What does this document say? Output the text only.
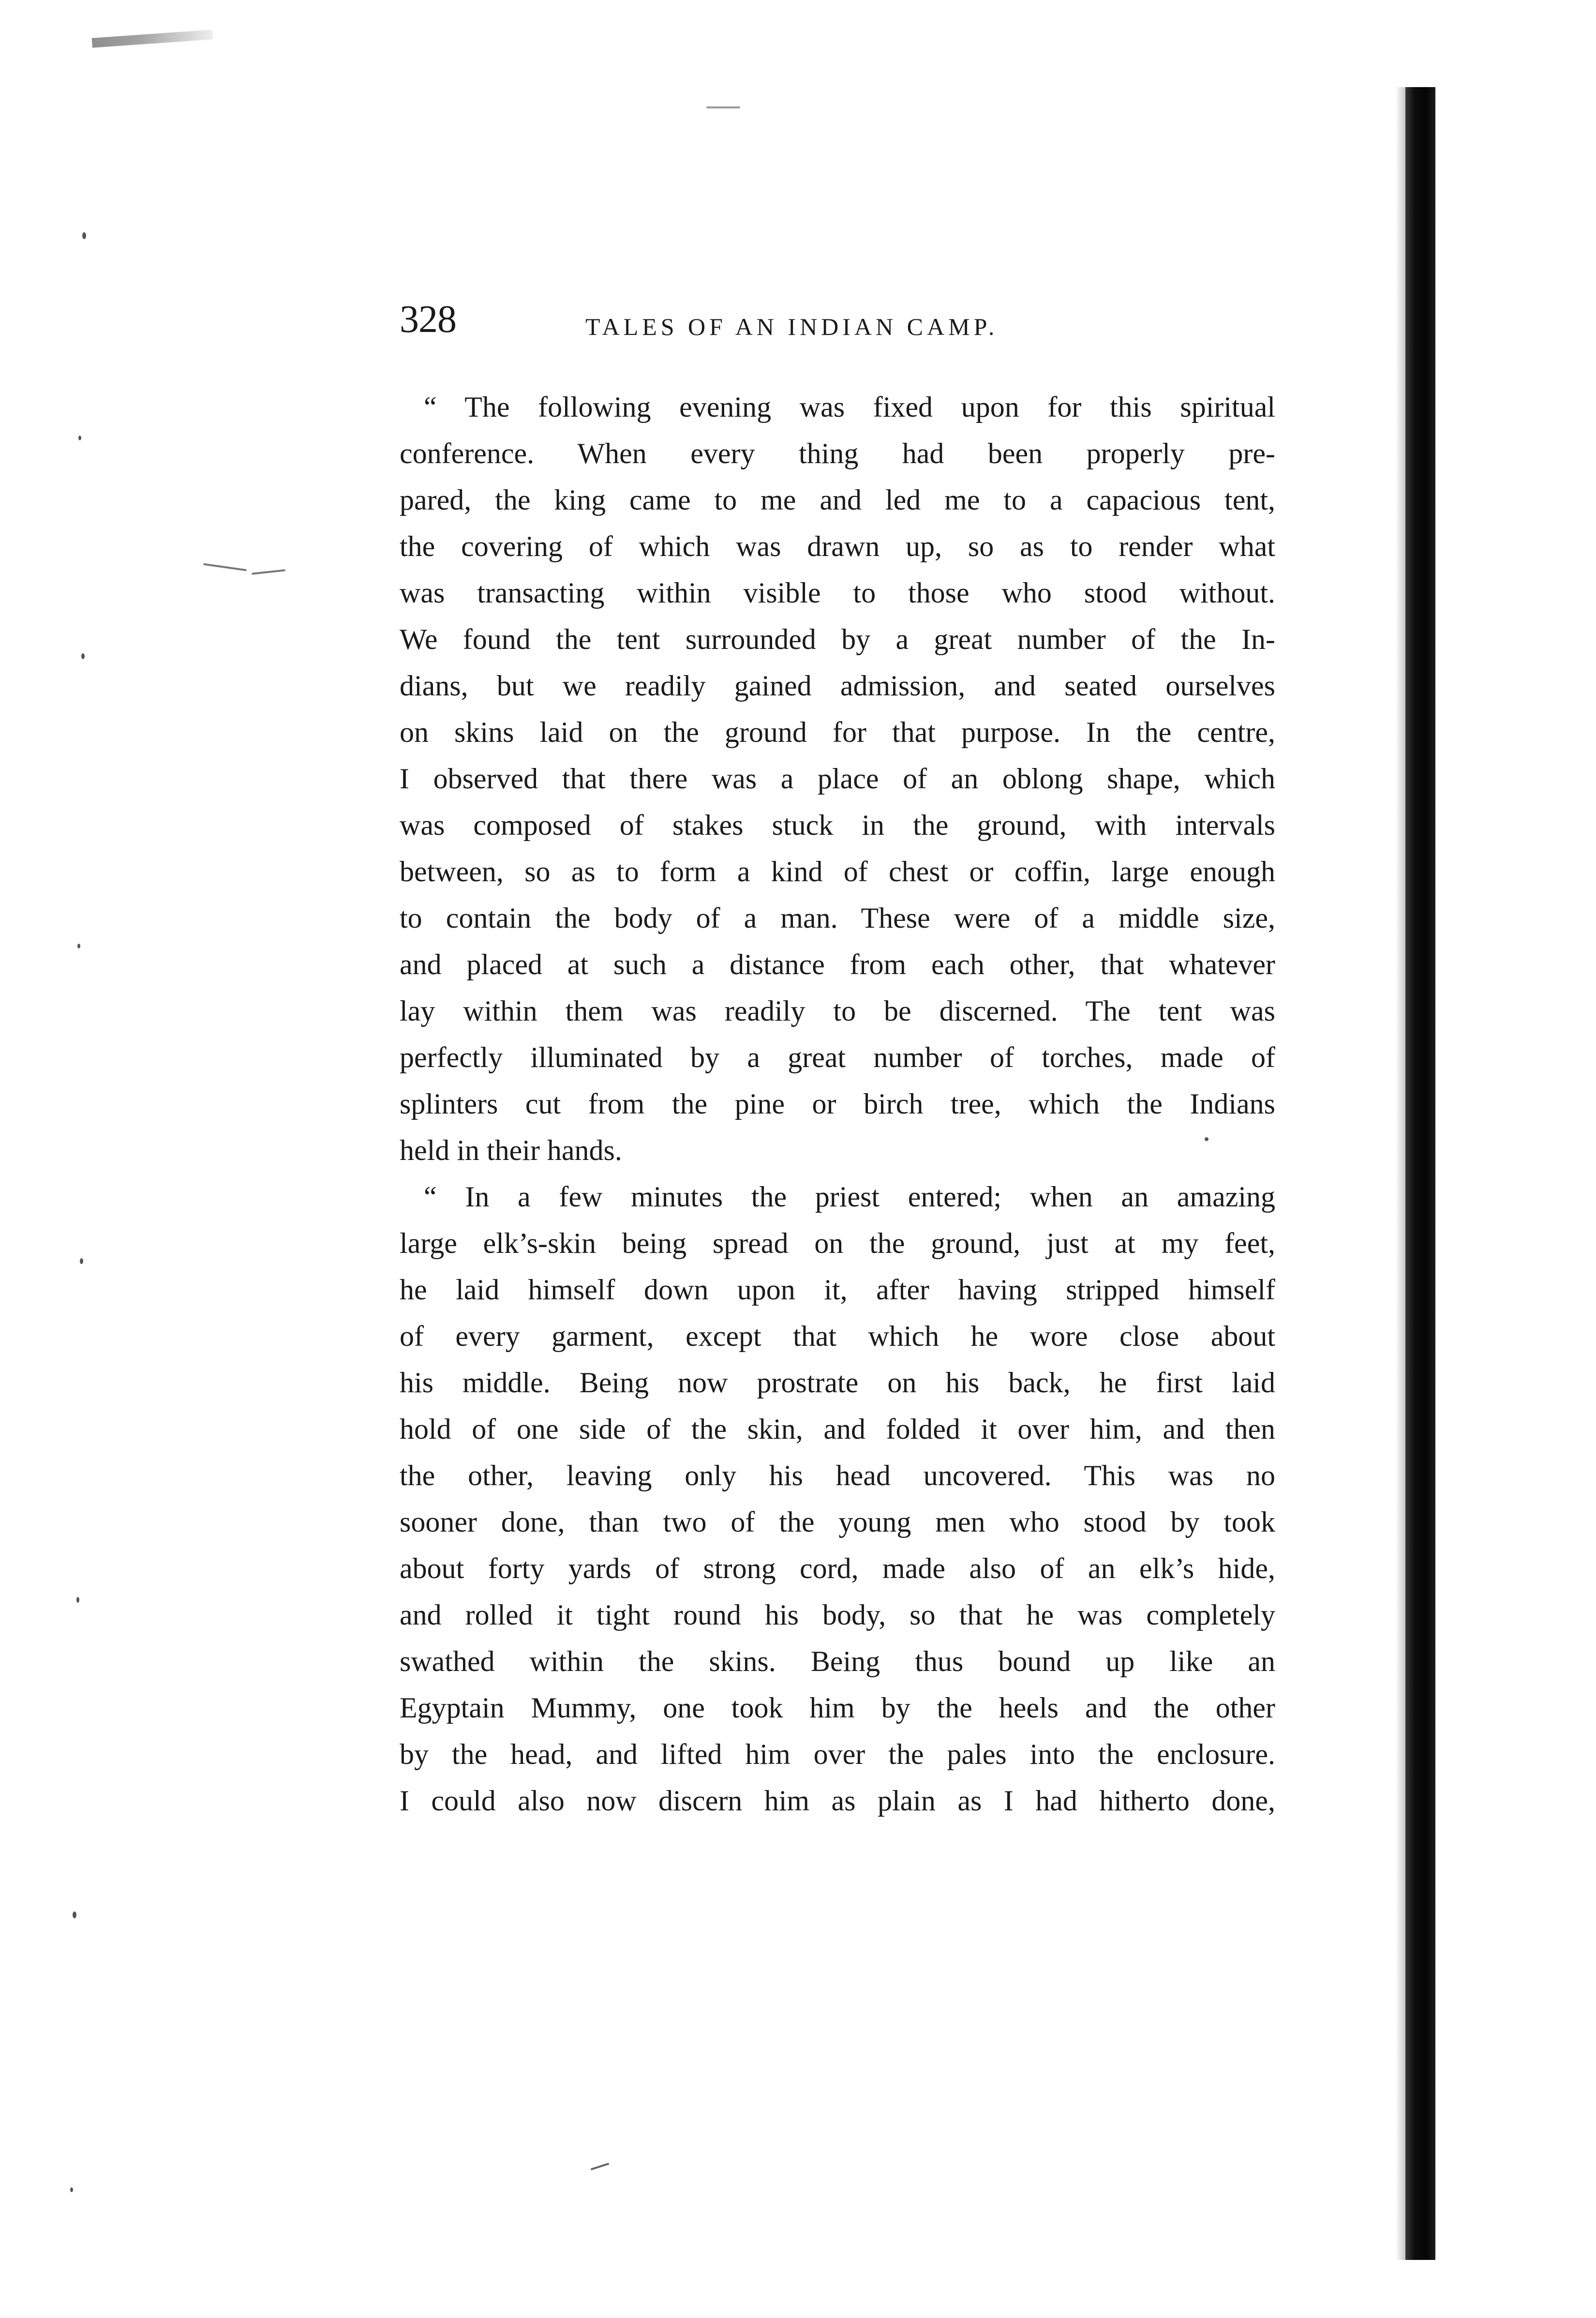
328	TALES OF AN INDIAN CAMP.
“ The following evening was fixed upon for this spiritual
conference. When every thing had been properly pre-
pared, the king came to me and led me to a capacious tent,
the covering of which was drawn up, so as to render what
was transacting within visible to those who stood without.
We found the tent surrounded by a great number of the In-
dians, but we readily gained admission, and seated ourselves
on skins laid on the ground for that purpose. In the centre,
I observed that there was a place of an oblong shape, which
was composed of stakes stuck in the ground, with intervals
between, so as to form a kind of chest or coffin, large enough
to contain the body of a man. These were of a middle size,
and placed at such a distance from each other, that whatever
lay within them was readily to be discerned. The tent was
perfectly illuminated by a great number of torches, made of
splinters cut from the pine or birch tree, which the Indians
held in their hands.
“ In a few minutes the priest entered; when an amazing
large elk’s-skin being spread on the ground, just at my feet,
he laid himself down upon it, after having stripped himself
of every garment, except that which he wore close about
his middle. Being now prostrate on his back, he first laid
hold of one side of the skin, and folded it over him, and then
the other, leaving only his head uncovered. This was no
sooner done, than two of the young men who stood by took
about forty yards of strong cord, made also of an elk’s hide,
and rolled it tight round his body, so that he was completely
swathed within the skins. Being thus bound up like an
Egyptain Mummy, one took him by the heels and the other
by the head, and lifted him over the pales into the enclosure.
I could also now discern him as plain as I had hitherto done,
